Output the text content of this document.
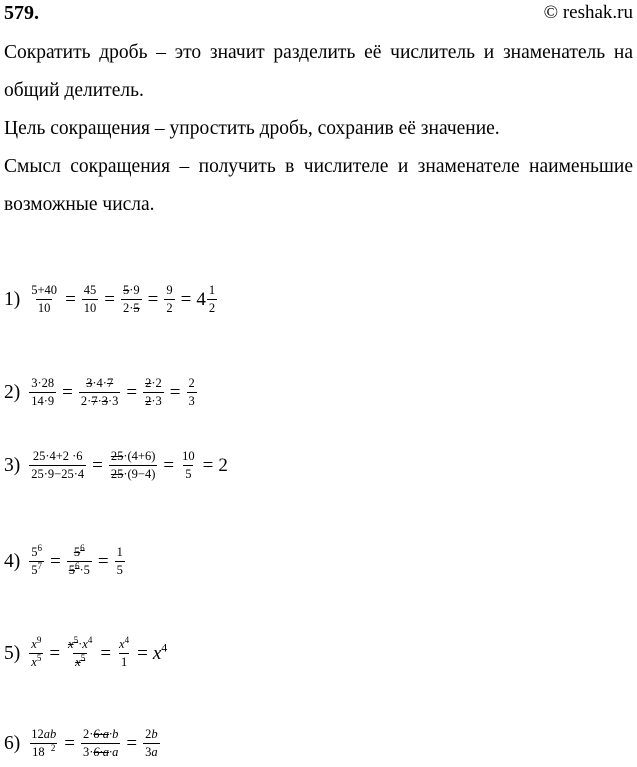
579.	© reshak.ru

Сократить дробь – это значит разделить её числитель и знаменатель на общий делитель.

Цель сокращения – упростить дробь, сохранив её значение.

Смысл сокращения – получить в числителе и знаменателе наименьшие возможные числа.

$1) \frac{5+40}{10} = \frac{45}{10} = \frac{5\cdot 9}{2\cdot 5} = \frac{9}{2} = 4$ 1
2
$2) \frac{3\cdot 28}{14\cdot 9} = \frac{3\cdot 4\cdot 7}{2\cdot 7\cdot 3\cdot 3} = \frac{2\cdot 2}{2\cdot 3} = \frac{2}{3}$
$3) \frac{25\cdot 4+2 \cdot 6}{25\cdot 9-25\cdot 4} = \frac{25\cdot(4+6)}{25\cdot(9-4)} = \frac{10}{5} = 2$
$4) \frac{5^6}{5^7} = \frac{5^6}{5^6\cdot 5} = \frac{1}{5}$
$5) \frac{x^9}{x^5} = \frac{x^5\cdot x^4}{x^5} = \frac{x^4}{1} = x^4$
$6) \frac{12ab}{18 ^2} = \frac{2\cdot 6\cdot a\cdot b}{3\cdot 6\cdot a\cdot a} = \frac{2b}{3a}$
